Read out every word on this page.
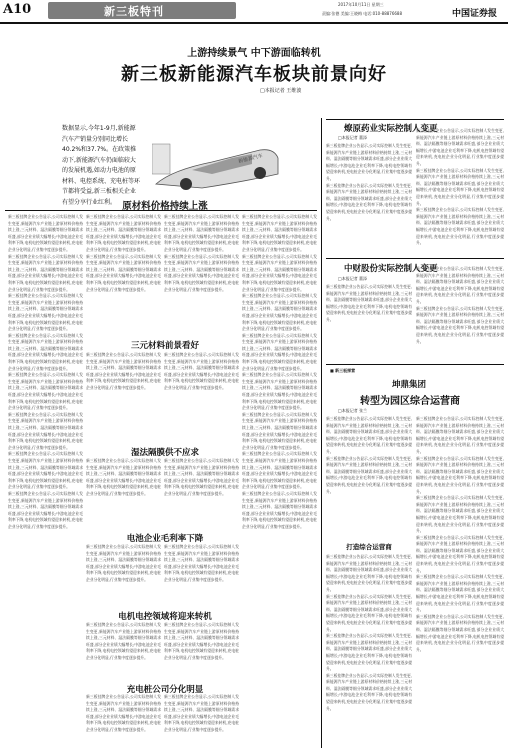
A10	新三板特刊
2017年10月11日 星期三
责编:张德 美编:王晓梅 电话:010-88876688	中国证券报
上游持续景气 中下游面临转机
新三板新能源汽车板块前景向好
□本报记者 王维波
数据显示,今年1-9月,新能源汽车产销量分别同比增长40.2%和37.7%。在政策推动下,新能源汽车仍面临较大的发展机遇,如动力电池的原材料、电控系统、充电桩等环节都将受益,新三板相关企业有望分享行业红利。
新能源汽车
原材料价格持续上涨
三元材料前景看好
湿法隔膜供不应求
电池企业毛利率下降
电机电控领域将迎来转机
充电桩公司分化明显

新三板挂牌企业公告显示,公司实际控制人发生变更,新能源汽车产业链上游原材料价格持续上涨,三元材料、湿法隔膜等细分领域需求旺盛,部分企业业绩大幅增长;中游电池企业毛利率下降,电机电控领域有望迎来转机,充电桩企业分化明显,行业集中度逐步提升。

新三板挂牌企业公告显示,公司实际控制人发生变更,新能源汽车产业链上游原材料价格持续上涨,三元材料、湿法隔膜等细分领域需求旺盛,部分企业业绩大幅增长;中游电池企业毛利率下降,电机电控领域有望迎来转机,充电桩企业分化明显,行业集中度逐步提升。

新三板挂牌企业公告显示,公司实际控制人发生变更,新能源汽车产业链上游原材料价格持续上涨,三元材料、湿法隔膜等细分领域需求旺盛,部分企业业绩大幅增长;中游电池企业毛利率下降,电机电控领域有望迎来转机,充电桩企业分化明显,行业集中度逐步提升。

新三板挂牌企业公告显示,公司实际控制人发生变更,新能源汽车产业链上游原材料价格持续上涨,三元材料、湿法隔膜等细分领域需求旺盛,部分企业业绩大幅增长;中游电池企业毛利率下降,电机电控领域有望迎来转机,充电桩企业分化明显,行业集中度逐步提升。

新三板挂牌企业公告显示,公司实际控制人发生变更,新能源汽车产业链上游原材料价格持续上涨,三元材料、湿法隔膜等细分领域需求旺盛,部分企业业绩大幅增长;中游电池企业毛利率下降,电机电控领域有望迎来转机,充电桩企业分化明显,行业集中度逐步提升。

新三板挂牌企业公告显示,公司实际控制人发生变更,新能源汽车产业链上游原材料价格持续上涨,三元材料、湿法隔膜等细分领域需求旺盛,部分企业业绩大幅增长;中游电池企业毛利率下降,电机电控领域有望迎来转机,充电桩企业分化明显,行业集中度逐步提升。

新三板挂牌企业公告显示,公司实际控制人发生变更,新能源汽车产业链上游原材料价格持续上涨,三元材料、湿法隔膜等细分领域需求旺盛,部分企业业绩大幅增长;中游电池企业毛利率下降,电机电控领域有望迎来转机,充电桩企业分化明显,行业集中度逐步提升。

新三板挂牌企业公告显示,公司实际控制人发生变更,新能源汽车产业链上游原材料价格持续上涨,三元材料、湿法隔膜等细分领域需求旺盛,部分企业业绩大幅增长;中游电池企业毛利率下降,电机电控领域有望迎来转机,充电桩企业分化明显,行业集中度逐步提升。

新三板挂牌企业公告显示,公司实际控制人发生变更,新能源汽车产业链上游原材料价格持续上涨,三元材料、湿法隔膜等细分领域需求旺盛,部分企业业绩大幅增长;中游电池企业毛利率下降,电机电控领域有望迎来转机,充电桩企业分化明显,行业集中度逐步提升。

新三板挂牌企业公告显示,公司实际控制人发生变更,新能源汽车产业链上游原材料价格持续上涨,三元材料、湿法隔膜等细分领域需求旺盛,部分企业业绩大幅增长;中游电池企业毛利率下降,电机电控领域有望迎来转机,充电桩企业分化明显,行业集中度逐步提升。

新三板挂牌企业公告显示,公司实际控制人发生变更,新能源汽车产业链上游原材料价格持续上涨,三元材料、湿法隔膜等细分领域需求旺盛,部分企业业绩大幅增长;中游电池企业毛利率下降,电机电控领域有望迎来转机,充电桩企业分化明显,行业集中度逐步提升。

新三板挂牌企业公告显示,公司实际控制人发生变更,新能源汽车产业链上游原材料价格持续上涨,三元材料、湿法隔膜等细分领域需求旺盛,部分企业业绩大幅增长;中游电池企业毛利率下降,电机电控领域有望迎来转机,充电桩企业分化明显,行业集中度逐步提升。

新三板挂牌企业公告显示,公司实际控制人发生变更,新能源汽车产业链上游原材料价格持续上涨,三元材料、湿法隔膜等细分领域需求旺盛,部分企业业绩大幅增长;中游电池企业毛利率下降,电机电控领域有望迎来转机,充电桩企业分化明显,行业集中度逐步提升。

新三板挂牌企业公告显示,公司实际控制人发生变更,新能源汽车产业链上游原材料价格持续上涨,三元材料、湿法隔膜等细分领域需求旺盛,部分企业业绩大幅增长;中游电池企业毛利率下降,电机电控领域有望迎来转机,充电桩企业分化明显,行业集中度逐步提升。

新三板挂牌企业公告显示,公司实际控制人发生变更,新能源汽车产业链上游原材料价格持续上涨,三元材料、湿法隔膜等细分领域需求旺盛,部分企业业绩大幅增长;中游电池企业毛利率下降,电机电控领域有望迎来转机,充电桩企业分化明显,行业集中度逐步提升。

新三板挂牌企业公告显示,公司实际控制人发生变更,新能源汽车产业链上游原材料价格持续上涨,三元材料、湿法隔膜等细分领域需求旺盛,部分企业业绩大幅增长;中游电池企业毛利率下降,电机电控领域有望迎来转机,充电桩企业分化明显,行业集中度逐步提升。

新三板挂牌企业公告显示,公司实际控制人发生变更,新能源汽车产业链上游原材料价格持续上涨,三元材料、湿法隔膜等细分领域需求旺盛,部分企业业绩大幅增长;中游电池企业毛利率下降,电机电控领域有望迎来转机,充电桩企业分化明显,行业集中度逐步提升。

新三板挂牌企业公告显示,公司实际控制人发生变更,新能源汽车产业链上游原材料价格持续上涨,三元材料、湿法隔膜等细分领域需求旺盛,部分企业业绩大幅增长;中游电池企业毛利率下降,电机电控领域有望迎来转机,充电桩企业分化明显,行业集中度逐步提升。

新三板挂牌企业公告显示,公司实际控制人发生变更,新能源汽车产业链上游原材料价格持续上涨,三元材料、湿法隔膜等细分领域需求旺盛,部分企业业绩大幅增长;中游电池企业毛利率下降,电机电控领域有望迎来转机,充电桩企业分化明显,行业集中度逐步提升。

新三板挂牌企业公告显示,公司实际控制人发生变更,新能源汽车产业链上游原材料价格持续上涨,三元材料、湿法隔膜等细分领域需求旺盛,部分企业业绩大幅增长;中游电池企业毛利率下降,电机电控领域有望迎来转机,充电桩企业分化明显,行业集中度逐步提升。

新三板挂牌企业公告显示,公司实际控制人发生变更,新能源汽车产业链上游原材料价格持续上涨,三元材料、湿法隔膜等细分领域需求旺盛,部分企业业绩大幅增长;中游电池企业毛利率下降,电机电控领域有望迎来转机,充电桩企业分化明显,行业集中度逐步提升。

新三板挂牌企业公告显示,公司实际控制人发生变更,新能源汽车产业链上游原材料价格持续上涨,三元材料、湿法隔膜等细分领域需求旺盛,部分企业业绩大幅增长;中游电池企业毛利率下降,电机电控领域有望迎来转机,充电桩企业分化明显,行业集中度逐步提升。

新三板挂牌企业公告显示,公司实际控制人发生变更,新能源汽车产业链上游原材料价格持续上涨,三元材料、湿法隔膜等细分领域需求旺盛,部分企业业绩大幅增长;中游电池企业毛利率下降,电机电控领域有望迎来转机,充电桩企业分化明显,行业集中度逐步提升。

新三板挂牌企业公告显示,公司实际控制人发生变更,新能源汽车产业链上游原材料价格持续上涨,三元材料、湿法隔膜等细分领域需求旺盛,部分企业业绩大幅增长;中游电池企业毛利率下降,电机电控领域有望迎来转机,充电桩企业分化明显,行业集中度逐步提升。

新三板挂牌企业公告显示,公司实际控制人发生变更,新能源汽车产业链上游原材料价格持续上涨,三元材料、湿法隔膜等细分领域需求旺盛,部分企业业绩大幅增长;中游电池企业毛利率下降,电机电控领域有望迎来转机,充电桩企业分化明显,行业集中度逐步提升。

新三板挂牌企业公告显示,公司实际控制人发生变更,新能源汽车产业链上游原材料价格持续上涨,三元材料、湿法隔膜等细分领域需求旺盛,部分企业业绩大幅增长;中游电池企业毛利率下降,电机电控领域有望迎来转机,充电桩企业分化明显,行业集中度逐步提升。

新三板挂牌企业公告显示,公司实际控制人发生变更,新能源汽车产业链上游原材料价格持续上涨,三元材料、湿法隔膜等细分领域需求旺盛,部分企业业绩大幅增长;中游电池企业毛利率下降,电机电控领域有望迎来转机,充电桩企业分化明显,行业集中度逐步提升。

新三板挂牌企业公告显示,公司实际控制人发生变更,新能源汽车产业链上游原材料价格持续上涨,三元材料、湿法隔膜等细分领域需求旺盛,部分企业业绩大幅增长;中游电池企业毛利率下降,电机电控领域有望迎来转机,充电桩企业分化明显,行业集中度逐步提升。

新三板挂牌企业公告显示,公司实际控制人发生变更,新能源汽车产业链上游原材料价格持续上涨,三元材料、湿法隔膜等细分领域需求旺盛,部分企业业绩大幅增长;中游电池企业毛利率下降,电机电控领域有望迎来转机,充电桩企业分化明显,行业集中度逐步提升。

新三板挂牌企业公告显示,公司实际控制人发生变更,新能源汽车产业链上游原材料价格持续上涨,三元材料、湿法隔膜等细分领域需求旺盛,部分企业业绩大幅增长;中游电池企业毛利率下降,电机电控领域有望迎来转机,充电桩企业分化明显,行业集中度逐步提升。

燎原药业实际控制人变更
□本报记者 董添

新三板挂牌企业公告显示,公司实际控制人发生变更,新能源汽车产业链上游原材料价格持续上涨,三元材料、湿法隔膜等细分领域需求旺盛,部分企业业绩大幅增长;中游电池企业毛利率下降,电机电控领域有望迎来转机,充电桩企业分化明显,行业集中度逐步提升。

新三板挂牌企业公告显示,公司实际控制人发生变更,新能源汽车产业链上游原材料价格持续上涨,三元材料、湿法隔膜等细分领域需求旺盛,部分企业业绩大幅增长;中游电池企业毛利率下降,电机电控领域有望迎来转机,充电桩企业分化明显,行业集中度逐步提升。

新三板挂牌企业公告显示,公司实际控制人发生变更,新能源汽车产业链上游原材料价格持续上涨,三元材料、湿法隔膜等细分领域需求旺盛,部分企业业绩大幅增长;中游电池企业毛利率下降,电机电控领域有望迎来转机,充电桩企业分化明显,行业集中度逐步提升。

新三板挂牌企业公告显示,公司实际控制人发生变更,新能源汽车产业链上游原材料价格持续上涨,三元材料、湿法隔膜等细分领域需求旺盛,部分企业业绩大幅增长;中游电池企业毛利率下降,电机电控领域有望迎来转机,充电桩企业分化明显,行业集中度逐步提升。

新三板挂牌企业公告显示,公司实际控制人发生变更,新能源汽车产业链上游原材料价格持续上涨,三元材料、湿法隔膜等细分领域需求旺盛,部分企业业绩大幅增长;中游电池企业毛利率下降,电机电控领域有望迎来转机,充电桩企业分化明显,行业集中度逐步提升。

中财股份实际控制人变更
□本报记者 董添

新三板挂牌企业公告显示,公司实际控制人发生变更,新能源汽车产业链上游原材料价格持续上涨,三元材料、湿法隔膜等细分领域需求旺盛,部分企业业绩大幅增长;中游电池企业毛利率下降,电机电控领域有望迎来转机,充电桩企业分化明显,行业集中度逐步提升。

新三板挂牌企业公告显示,公司实际控制人发生变更,新能源汽车产业链上游原材料价格持续上涨,三元材料、湿法隔膜等细分领域需求旺盛,部分企业业绩大幅增长;中游电池企业毛利率下降,电机电控领域有望迎来转机,充电桩企业分化明显,行业集中度逐步提升。

新三板挂牌企业公告显示,公司实际控制人发生变更,新能源汽车产业链上游原材料价格持续上涨,三元材料、湿法隔膜等细分领域需求旺盛,部分企业业绩大幅增长;中游电池企业毛利率下降,电机电控领域有望迎来转机,充电桩企业分化明显,行业集中度逐步提升。

■ 新三板探营
坤鼎集团
转型为园区综合运营商
□本报记者 张兰

新三板挂牌企业公告显示,公司实际控制人发生变更,新能源汽车产业链上游原材料价格持续上涨,三元材料、湿法隔膜等细分领域需求旺盛,部分企业业绩大幅增长;中游电池企业毛利率下降,电机电控领域有望迎来转机,充电桩企业分化明显,行业集中度逐步提升。

新三板挂牌企业公告显示,公司实际控制人发生变更,新能源汽车产业链上游原材料价格持续上涨,三元材料、湿法隔膜等细分领域需求旺盛,部分企业业绩大幅增长;中游电池企业毛利率下降,电机电控领域有望迎来转机,充电桩企业分化明显,行业集中度逐步提升。

打造综合运营商

新三板挂牌企业公告显示,公司实际控制人发生变更,新能源汽车产业链上游原材料价格持续上涨,三元材料、湿法隔膜等细分领域需求旺盛,部分企业业绩大幅增长;中游电池企业毛利率下降,电机电控领域有望迎来转机,充电桩企业分化明显,行业集中度逐步提升。

新三板挂牌企业公告显示,公司实际控制人发生变更,新能源汽车产业链上游原材料价格持续上涨,三元材料、湿法隔膜等细分领域需求旺盛,部分企业业绩大幅增长;中游电池企业毛利率下降,电机电控领域有望迎来转机,充电桩企业分化明显,行业集中度逐步提升。

新三板挂牌企业公告显示,公司实际控制人发生变更,新能源汽车产业链上游原材料价格持续上涨,三元材料、湿法隔膜等细分领域需求旺盛,部分企业业绩大幅增长;中游电池企业毛利率下降,电机电控领域有望迎来转机,充电桩企业分化明显,行业集中度逐步提升。

新三板挂牌企业公告显示,公司实际控制人发生变更,新能源汽车产业链上游原材料价格持续上涨,三元材料、湿法隔膜等细分领域需求旺盛,部分企业业绩大幅增长;中游电池企业毛利率下降,电机电控领域有望迎来转机,充电桩企业分化明显,行业集中度逐步提升。

新三板挂牌企业公告显示,公司实际控制人发生变更,新能源汽车产业链上游原材料价格持续上涨,三元材料、湿法隔膜等细分领域需求旺盛,部分企业业绩大幅增长;中游电池企业毛利率下降,电机电控领域有望迎来转机,充电桩企业分化明显,行业集中度逐步提升。

新三板挂牌企业公告显示,公司实际控制人发生变更,新能源汽车产业链上游原材料价格持续上涨,三元材料、湿法隔膜等细分领域需求旺盛,部分企业业绩大幅增长;中游电池企业毛利率下降,电机电控领域有望迎来转机,充电桩企业分化明显,行业集中度逐步提升。

新三板挂牌企业公告显示,公司实际控制人发生变更,新能源汽车产业链上游原材料价格持续上涨,三元材料、湿法隔膜等细分领域需求旺盛,部分企业业绩大幅增长;中游电池企业毛利率下降,电机电控领域有望迎来转机,充电桩企业分化明显,行业集中度逐步提升。

新三板挂牌企业公告显示,公司实际控制人发生变更,新能源汽车产业链上游原材料价格持续上涨,三元材料、湿法隔膜等细分领域需求旺盛,部分企业业绩大幅增长;中游电池企业毛利率下降,电机电控领域有望迎来转机,充电桩企业分化明显,行业集中度逐步提升。

新三板挂牌企业公告显示,公司实际控制人发生变更,新能源汽车产业链上游原材料价格持续上涨,三元材料、湿法隔膜等细分领域需求旺盛,部分企业业绩大幅增长;中游电池企业毛利率下降,电机电控领域有望迎来转机,充电桩企业分化明显,行业集中度逐步提升。

新三板挂牌企业公告显示,公司实际控制人发生变更,新能源汽车产业链上游原材料价格持续上涨,三元材料、湿法隔膜等细分领域需求旺盛,部分企业业绩大幅增长;中游电池企业毛利率下降,电机电控领域有望迎来转机,充电桩企业分化明显,行业集中度逐步提升。
